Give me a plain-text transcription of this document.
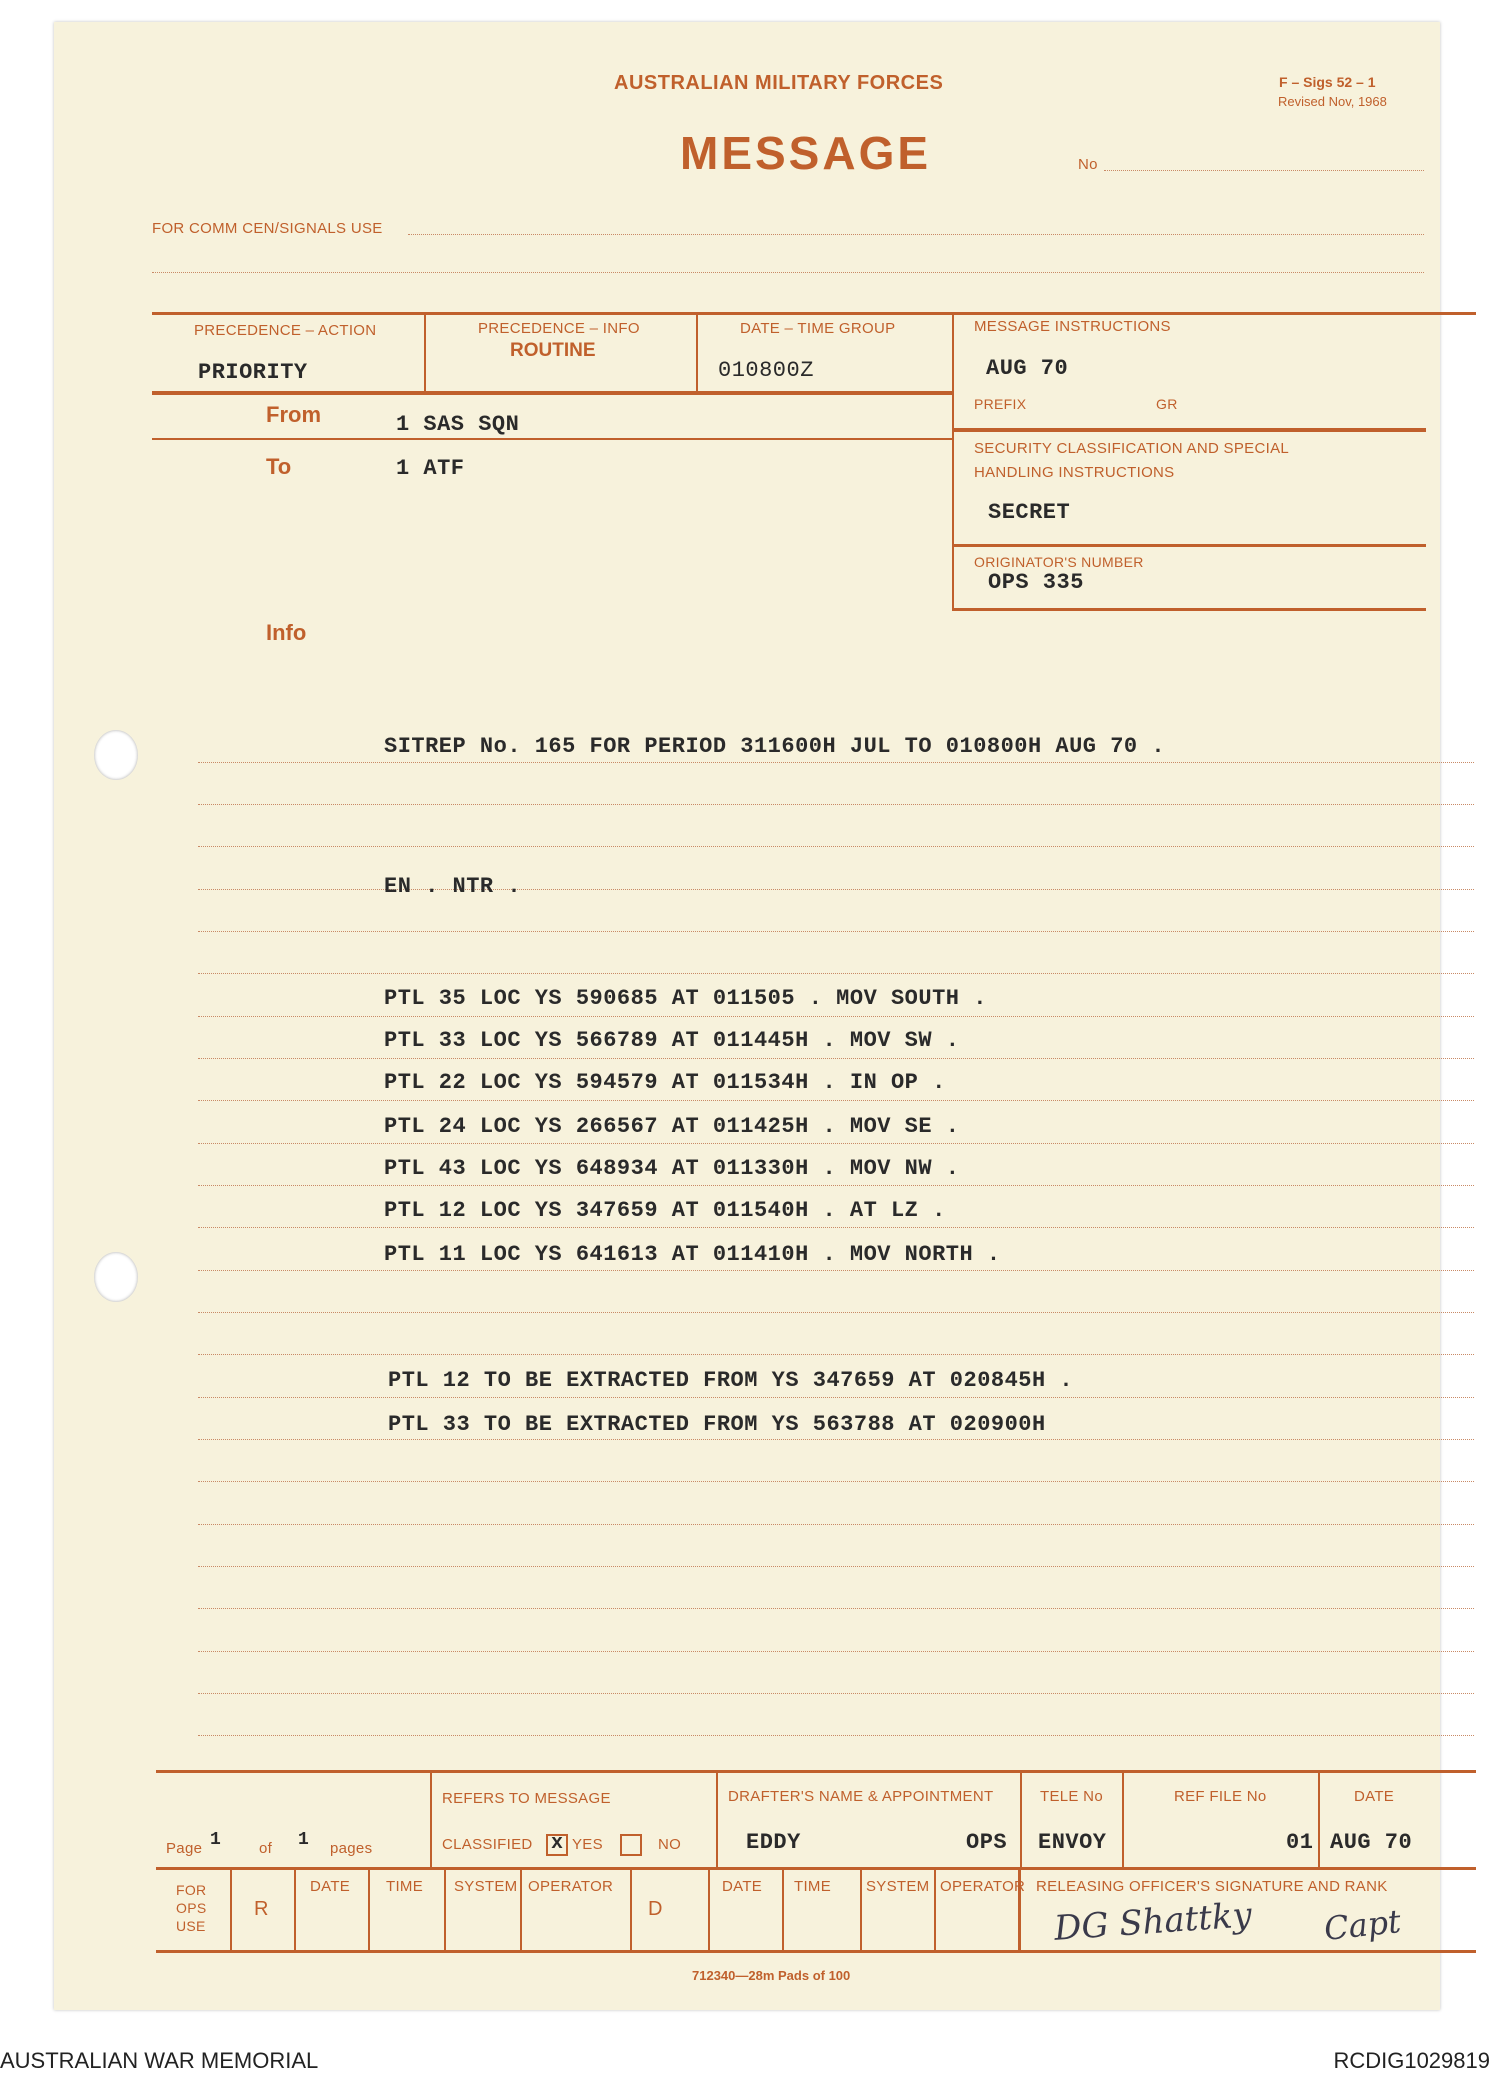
AUSTRALIAN MILITARY FORCES	F – Sigs 52 – 1
Revised Nov, 1968
MESSAGE	No
FOR COMM CEN/SIGNALS USE
PRECEDENCE – ACTION
PRIORITY
PRECEDENCE – INFO
ROUTINE
DATE – TIME GROUP
010800Z
MESSAGE INSTRUCTIONS
AUG 70
PREFIX	GR
SECURITY CLASSIFICATION AND SPECIAL
HANDLING INSTRUCTIONS
SECRET
ORIGINATOR'S NUMBER
OPS 335
From	1 SAS SQN
To	1 ATF
Info
SITREP No. 165 FOR PERIOD 311600H JUL TO 010800H AUG 70 .
EN . NTR .
PTL 35 LOC YS 590685 AT 011505 . MOV SOUTH .
PTL 33 LOC YS 566789 AT 011445H . MOV SW .
PTL 22 LOC YS 594579 AT 011534H . IN OP .
PTL 24 LOC YS 266567 AT 011425H . MOV SE .
PTL 43 LOC YS 648934 AT 011330H . MOV NW .
PTL 12 LOC YS 347659 AT 011540H . AT LZ .
PTL 11 LOC YS 641613 AT 011410H . MOV NORTH .
PTL 12 TO BE EXTRACTED FROM YS 347659 AT 020845H .
PTL 33 TO BE EXTRACTED FROM YS 563788 AT 020900H
Page 1	of 1 pages
REFERS TO MESSAGE
CLASSIFIED x YES	NO
DRAFTER'S NAME & APPOINTMENT
EDDY	OPS
TELE No
ENVOY
REF FILE No
01
DATE
AUG 70
FOR
OPS
USE
R
DATE TIME SYSTEM OPERATOR
D
DATE TIME SYSTEM OPERATOR RELEASING OFFICER'S SIGNATURE AND RANK
DG Shattky Capt
712340—28m Pads of 100
AUSTRALIAN WAR MEMORIAL	RCDIG1029819
